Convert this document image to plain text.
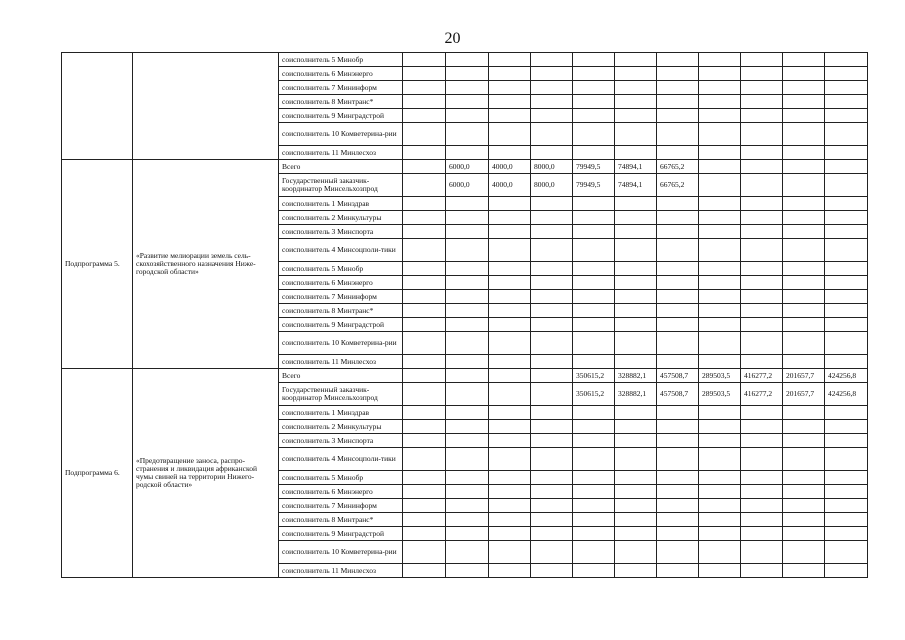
20
		соисполнитель 5 Минобр											
		соисполнитель 6 Минэнерго											
		соисполнитель 7 Мининформ											
		соисполнитель 8 Минтранс*											
		соисполнитель 9 Минградстрой											
		соисполнитель 10 Комветерина-рии											
		соисполнитель 11 Минлесхоз											
Подпрограмма 5.	«Развитие мелиорации земель сель-скохозяйственного назначения Ниже-городской области»	Всего		6000,0	4000,0	8000,0	79949,5	74894,1	66765,2				
		Государственный заказчик-координатор Минсельхозпрод		6000,0	4000,0	8000,0	79949,5	74894,1	66765,2				
		соисполнитель 1 Минздрав											
		соисполнитель 2 Минкультуры											
		соисполнитель 3 Минспорта											
		соисполнитель 4 Минсоцполи-тики											
		соисполнитель 5 Минобр											
		соисполнитель 6 Минэнерго											
		соисполнитель 7 Мининформ											
		соисполнитель 8 Минтранс*											
		соисполнитель 9 Минградстрой											
		соисполнитель 10 Комветерина-рии											
		соисполнитель 11 Минлесхоз											
Подпрограмма 6.	«Предотвращение заноса, распро-странения и ликвидация африканской чумы свиней на территории Нижего-родской области»	Всего					350615,2	328882,1	457508,7	289503,5	416277,2	201657,7	424256,8
		Государственный заказчик-координатор Минсельхозпрод					350615,2	328882,1	457508,7	289503,5	416277,2	201657,7	424256,8
		соисполнитель 1 Минздрав											
		соисполнитель 2 Минкультуры											
		соисполнитель 3 Минспорта											
		соисполнитель 4 Минсоцполи-тики											
		соисполнитель 5 Минобр											
		соисполнитель 6 Минэнерго											
		соисполнитель 7 Мининформ											
		соисполнитель 8 Минтранс*											
		соисполнитель 9 Минградстрой											
		соисполнитель 10 Комветерина-рии											
		соисполнитель 11 Минлесхоз											
